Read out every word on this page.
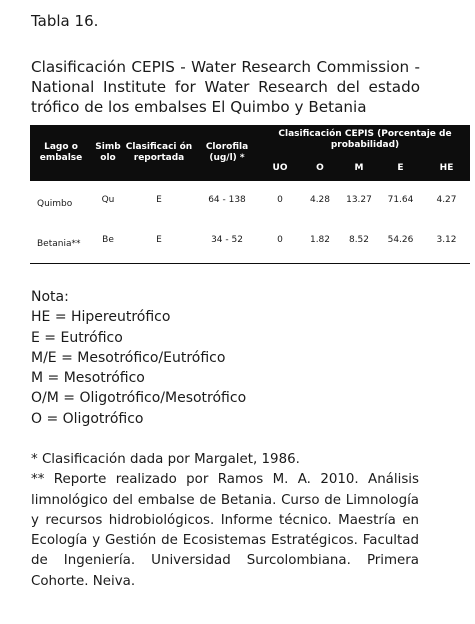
Tabla 16.
Clasificación CEPIS - Water Research Commission -
National Institute for Water Research del estado
trófico de los embalses El Quimbo y Betania
Lago o embalse	Simb olo	Clasificaci ón reportada	Clorofila (ug/l) *	Clasificación CEPIS (Porcentaje de probabilidad)				
				UO	O	M	E	HE
Quimbo	Qu	E	64 - 138	0	4.28	13.27	71.64	4.27
Betania**	Be	E	34 - 52	0	1.82	8.52	54.26	3.12
Nota:
HE = Hipereutrófico
E = Eutrófico
M/E = Mesotrófico/Eutrófico
M = Mesotrófico
O/M = Oligotrófico/Mesotrófico
O = Oligotrófico

* Clasificación dada por Margalet, 1986.

** Reporte realizado por Ramos M. A. 2010. Análisis
limnológico del embalse de Betania. Curso de Limnología
y recursos hidrobiológicos. Informe técnico. Maestría en
Ecología y Gestión de Ecosistemas Estratégicos. Facultad
de Ingeniería. Universidad Surcolombiana. Primera
Cohorte. Neiva.
